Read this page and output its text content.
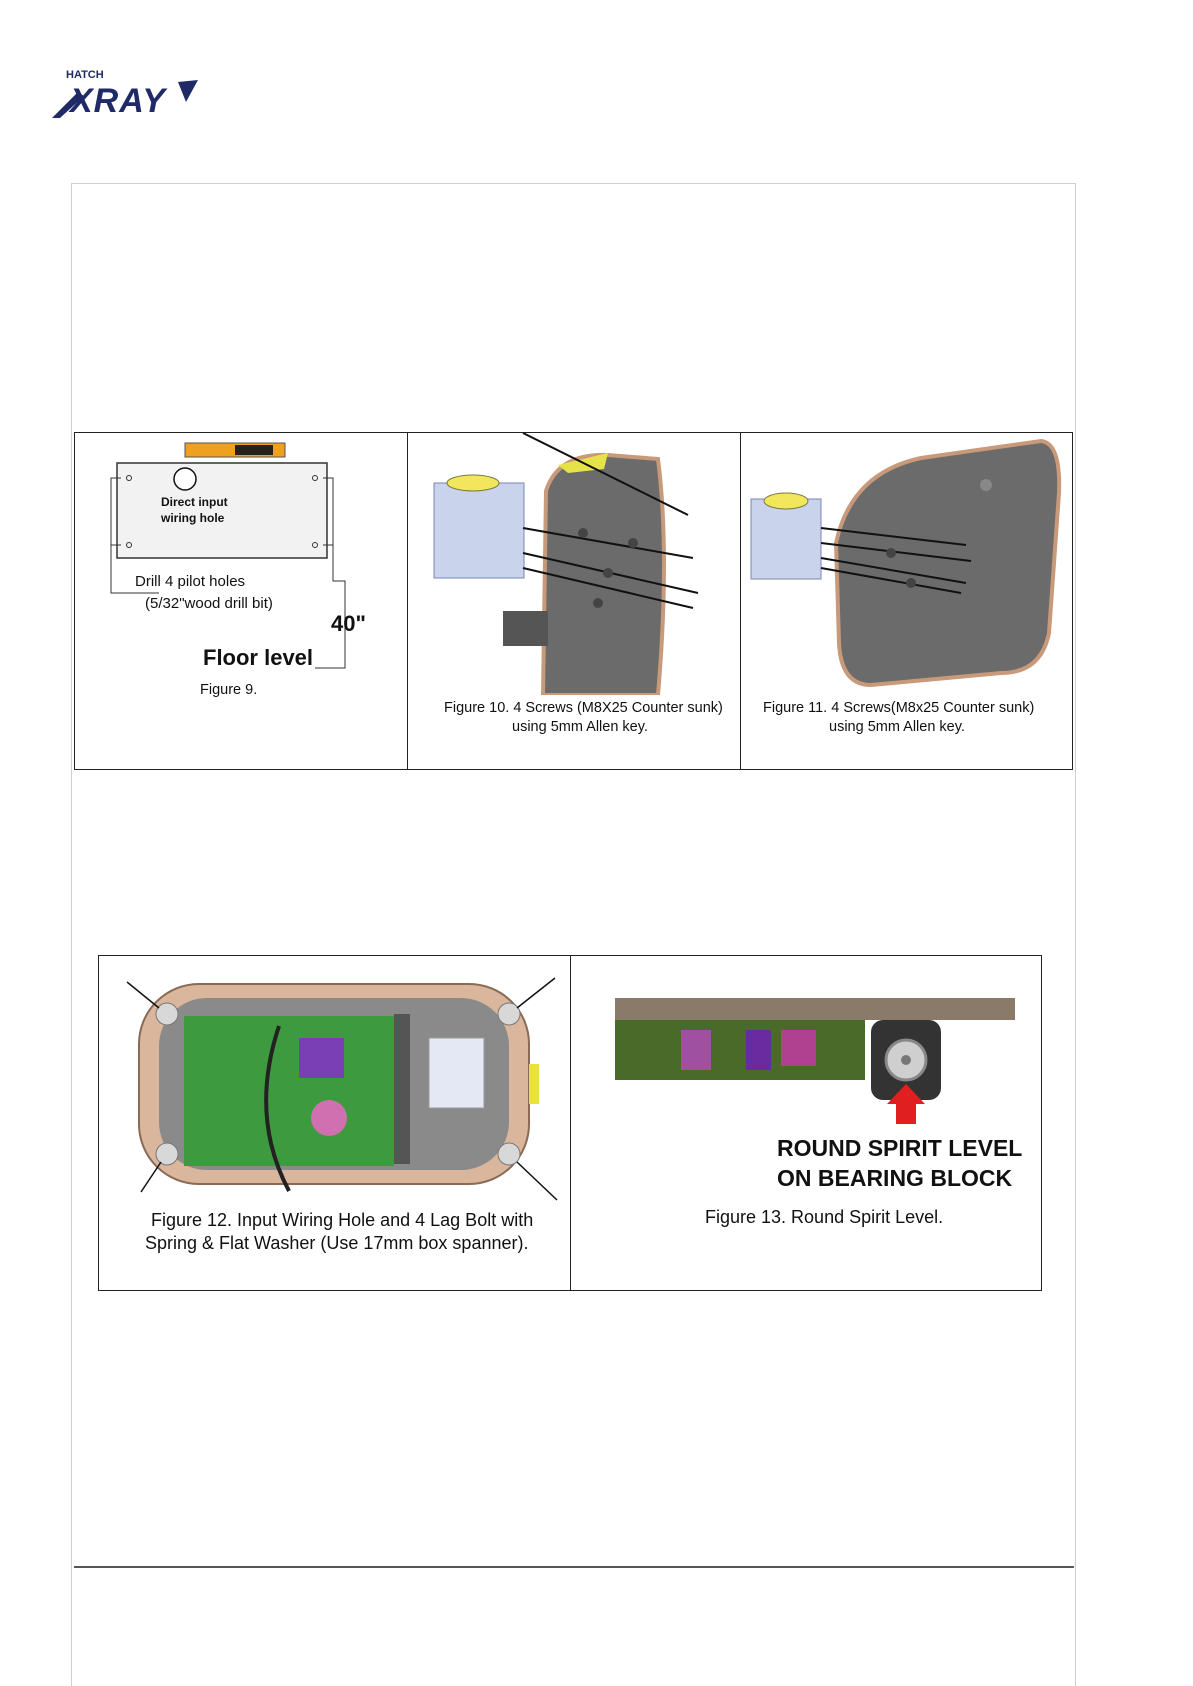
HATCH
XRAY
Direct input
wiring hole
Drill 4 pilot holes
(5/32"wood drill bit)
40"
Floor level
Figure 9.
Figure 10. 4 Screws (M8X25 Counter sunk)
using 5mm Allen key.
Figure 11. 4 Screws(M8x25 Counter sunk)
using 5mm Allen key.
Figure 12. Input Wiring Hole and 4 Lag Bolt with
Spring & Flat Washer (Use 17mm box spanner).
ROUND SPIRIT LEVEL
ON BEARING BLOCK
Figure 13. Round Spirit Level.
